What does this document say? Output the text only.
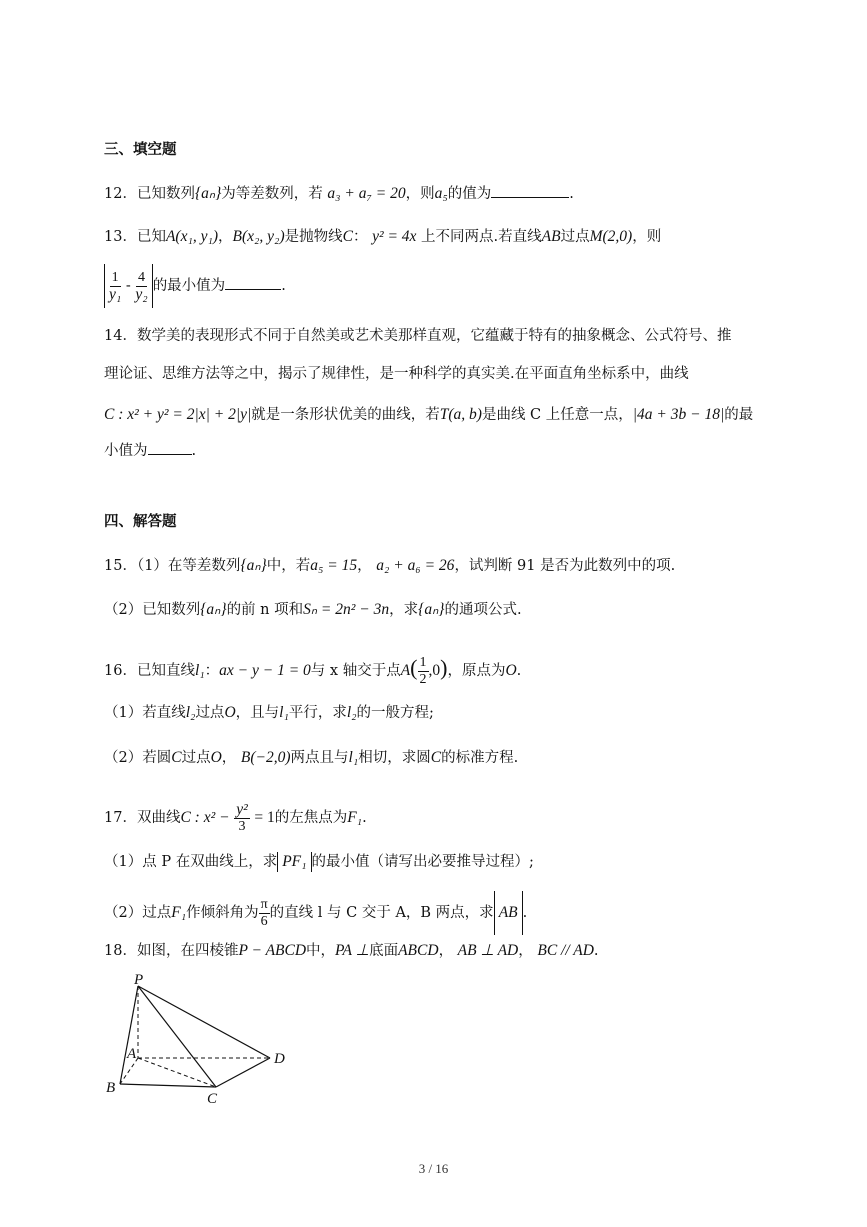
三、填空题
12．已知数列{aₙ}为等差数列，若 a₃ + a₇ = 20，则a₅的值为	.
13．已知A(x₁, y₁)，B(x₂, y₂)是抛物线C： y² = 4x 上不同两点.若直线AB过点M(2,0)，则
$\frac{1}{\text{y₁}} - \frac{4}{\text{y₂}}$ 的最小值为	.
14．数学美的表现形式不同于自然美或艺术美那样直观，它蕴藏于特有的抽象概念、公式符号、推
理论证、思维方法等之中，揭示了规律性，是一种科学的真实美.在平面直角坐标系中，曲线
C : x² + y² = 2|x| + 2|y|就是一条形状优美的曲线，若T(a, b)是曲线 C 上任意一点，|4a + 3b − 18|的最
小值为	.
四、解答题
15．（1）在等差数列{aₙ}中，若a₅ = 15， a₂ + a₆ = 26，试判断 91 是否为此数列中的项.
（2）已知数列{aₙ}的前 n 项和Sₙ = 2n² − 3n，求{aₙ}的通项公式.
16．已知直线l₁：ax − y − 1 = 0与 x 轴交于点$A( \frac{1}{2} ,0)$，原点为O.
（1）若直线l₂过点O，且与l₁平行，求l₂的一般方程;
（2）若圆C过点O， B(−2,0)两点且与l₁相切，求圆C的标准方程.
17．双曲线C : $x^2 - \frac{\text{y²}}{3} = 1$的左焦点为F₁.
（1）点 P 在双曲线上，求 PF₁ 的最小值（请写出必要推导过程）;
（2）过点F₁作倾斜角为 $\frac{\pi}{6}$ 的直线 l 与 C 交于 A，B 两点，求 AB .
18．如图，在四棱锥P − ABCD中，PA ⊥底面ABCD， AB ⊥ AD， BC // AD.
P
A
B
C
D
3 / 16
